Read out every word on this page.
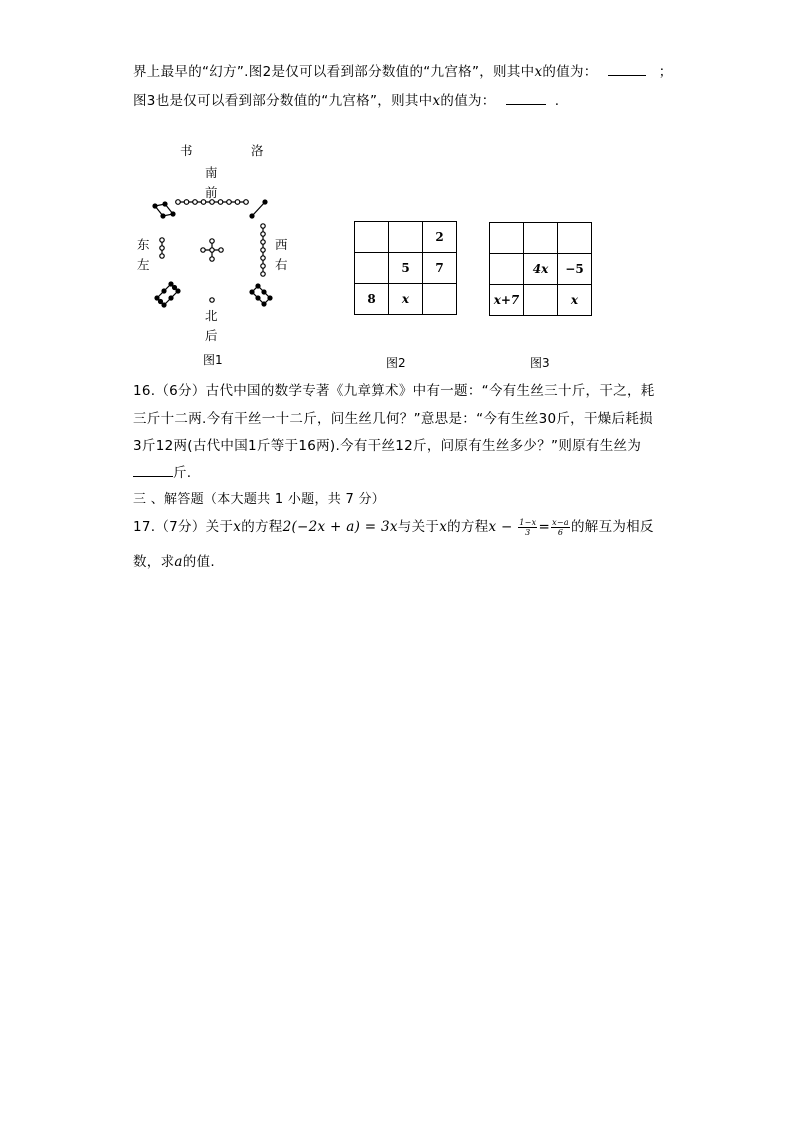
界上最早的“幻方”.图2是仅可以看到部分数值的“九宫格”，则其中x的值为：	；
图3也是仅可以看到部分数值的“九宫格”，则其中x的值为：	.
书	洛
南
前
东
左
西
右
北
后
图1
		2
	5	7
8	x	
图2

	4x	−5
x+7		x
图3
16.（6分）古代中国的数学专著《九章算术》中有一题：“今有生丝三十斤，干之，耗
三斤十二两.今有干丝一十二斤，问生丝几何？”意思是：“今有生丝30斤，干燥后耗损
3斤12两(古代中国1斤等于16两).今有干丝12斤，问原有生丝多少？”则原有生丝为
斤.
三 、解答题（本大题共 1 小题，共 7 分）
17.（7分）关于x的方程2(−2x + a) = 3x与关于x的方程$x - \frac{1-x}{3} = \frac{x-a}{6}$ 的解互为相反
数，求a的值.
